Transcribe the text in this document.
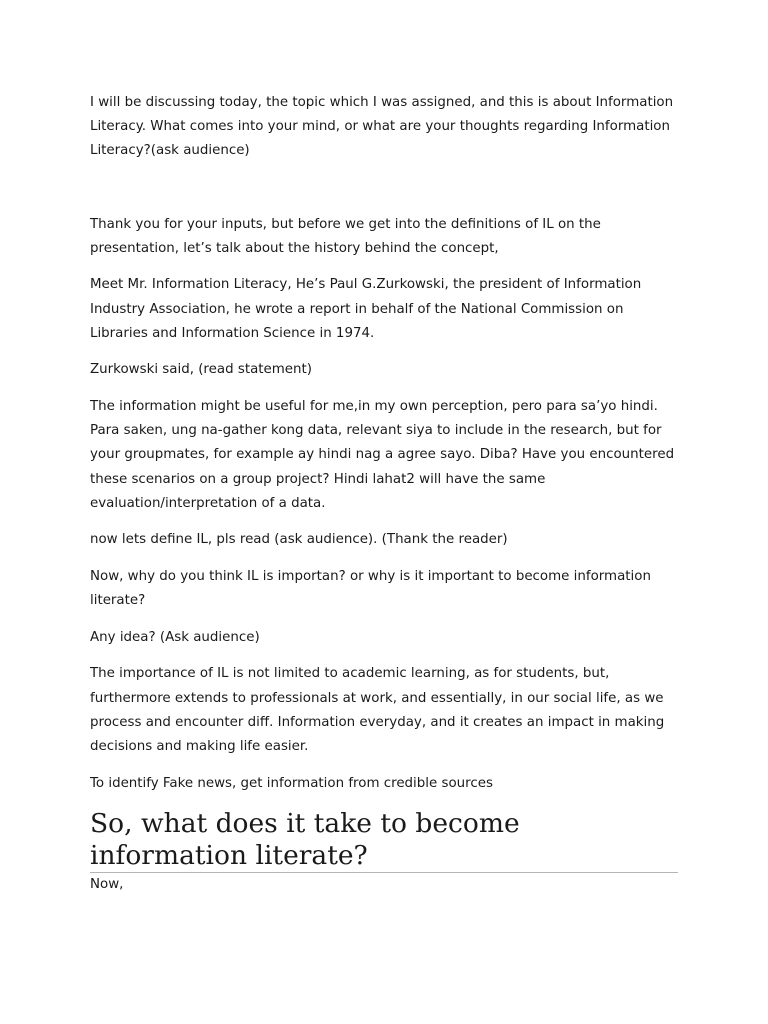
I will be discussing today, the topic which I was assigned, and this is about Information Literacy. What comes into your mind, or what are your thoughts regarding Information Literacy?(ask audience)

Thank you for your inputs, but before we get into the definitions of IL on the presentation, let’s talk about the history behind the concept,

Meet Mr. Information Literacy, He’s Paul G.Zurkowski, the president of Information Industry Association, he wrote a report in behalf of the National Commission on Libraries and Information Science in 1974.

Zurkowski said, (read statement)

The information might be useful for me,in my own perception, pero para sa’yo hindi. Para saken, ung na-gather kong data, relevant siya to include in the research, but for your groupmates, for example ay hindi nag a agree sayo. Diba? Have you encountered these scenarios on a group project? Hindi lahat2 will have the same evaluation/interpretation of a data.

now lets define IL, pls read (ask audience). (Thank the reader)

Now, why do you think IL is importan? or why is it important to become information literate?

Any idea? (Ask audience)

The importance of IL is not limited to academic learning, as for students, but, furthermore extends to professionals at work, and essentially, in our social life, as we process and encounter diff. Information everyday, and it creates an impact in making decisions and making life easier.

To identify Fake news, get information from credible sources

So, what does it take to become information literate?

Now,
